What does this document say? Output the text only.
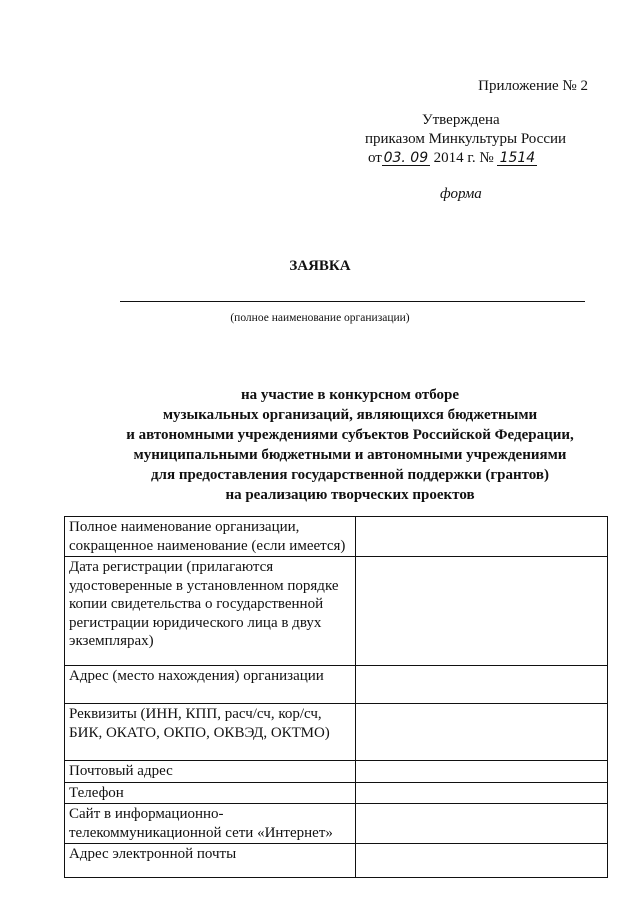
Приложение № 2
Утверждена
приказом Минкультуры России
от 03. 09 2014 г. № 1514
форма
ЗАЯВКА
(полное наименование организации)
на участие в конкурсном отборе
музыкальных организаций, являющихся бюджетными
и автономными учреждениями субъектов Российской Федерации,
муниципальными бюджетными и автономными учреждениями
для предоставления государственной поддержки (грантов)
на реализацию творческих проектов
Полное наименование организации, сокращенное наименование (если имеется)	
Дата регистрации (прилагаются удостоверенные в установленном порядке копии свидетельства о государственной регистрации юридического лица в двух экземплярах)	
Адрес (место нахождения) организации	
Реквизиты (ИНН, КПП, расч/сч, кор/сч, БИК, ОКАТО, ОКПО, ОКВЭД, ОКТМО)	
Почтовый адрес	
Телефон	
Сайт в информационно-телекоммуникационной сети «Интернет»	
Адрес электронной почты	
